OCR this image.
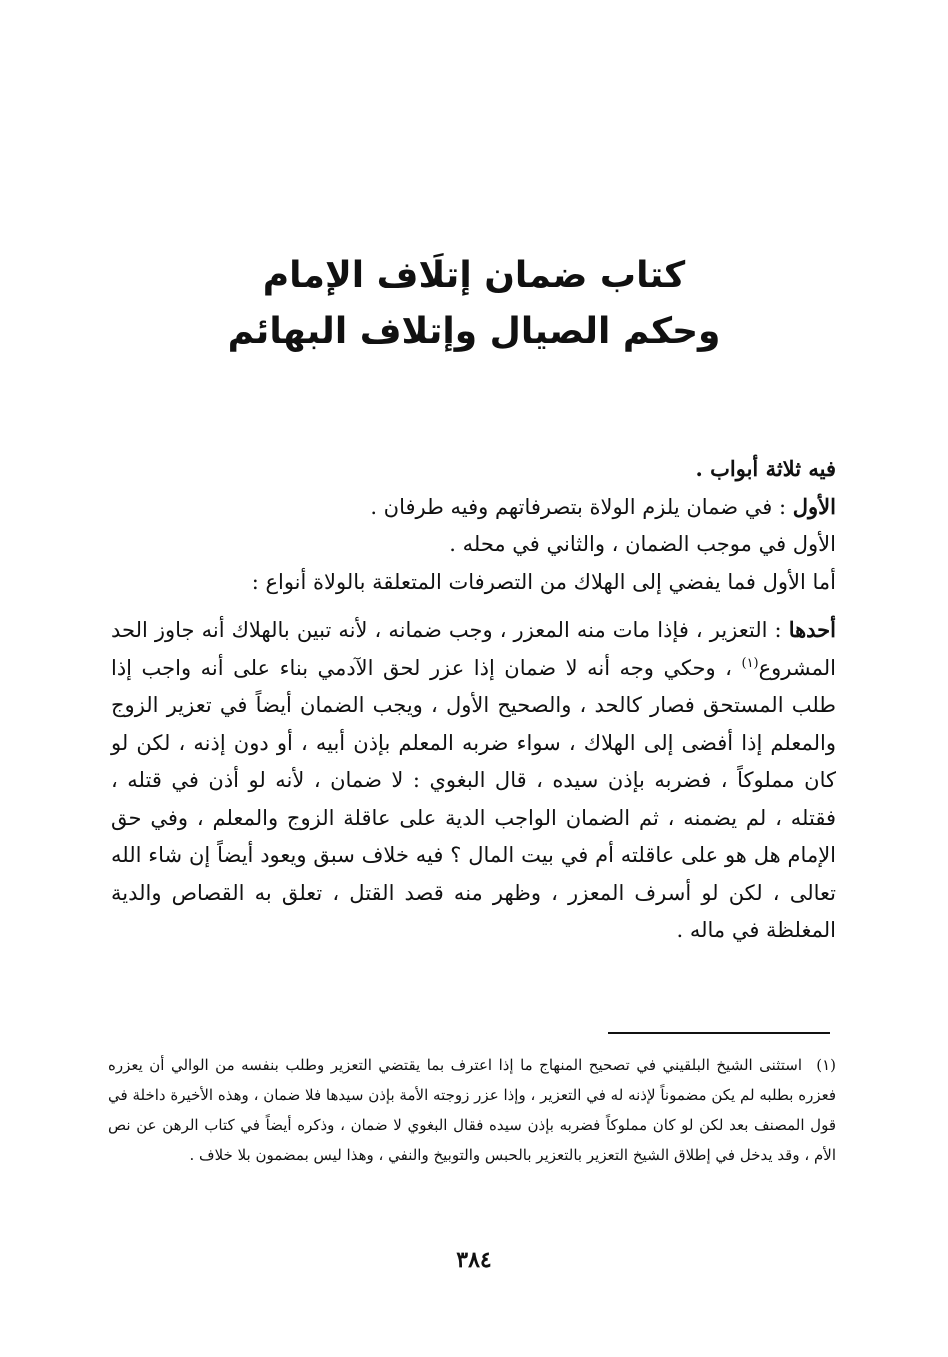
كتاب ضمان إتلَاف الإمام
وحكم الصيال وإتلاف البهائم

فيه ثلاثة أبواب .

الأول : في ضمان يلزم الولاة بتصرفاتهم وفيه طرفان .

الأول في موجب الضمان ، والثاني في محله .

أما الأول فما يفضي إلى الهلاك من التصرفات المتعلقة بالولاة أنواع :

أحدها : التعزير ، فإذا مات منه المعزر ، وجب ضمانه ، لأنه تبين بالهلاك أنه جاوز الحد المشروع$^{(١)}$ ، وحكي وجه أنه لا ضمان إذا عزر لحق الآدمي بناء على أنه واجب إذا طلب المستحق فصار كالحد ، والصحيح الأول ، ويجب الضمان أيضاً في تعزير الزوج والمعلم إذا أفضى إلى الهلاك ، سواء ضربه المعلم بإذن أبيه ، أو دون إذنه ، لكن لو كان مملوكاً ، فضربه بإذن سيده ، قال البغوي : لا ضمان ، لأنه لو أذن في قتله ، فقتله ، لم يضمنه ، ثم الضمان الواجب الدية على عاقلة الزوج والمعلم ، وفي حق الإمام هل هو على عاقلته أم في بيت المال ؟ فيه خلاف سبق ويعود أيضاً إن شاء الله تعالى ، لكن لو أسرف المعزر ، وظهر منه قصد القتل ، تعلق به القصاص والدية المغلظة في ماله .

(١)استثنى الشيخ البلقيني في تصحيح المنهاج ما إذا اعترف بما يقتضي التعزير وطلب بنفسه من الوالي أن يعزره فعزره بطلبه لم يكن مضموناً لإذنه له في التعزير ، وإذا عزر زوجته الأمة بإذن سيدها فلا ضمان ، وهذه الأخيرة داخلة في قول المصنف بعد لكن لو كان مملوكاً فضربه بإذن سيده فقال البغوي لا ضمان ، وذكره أيضاً في كتاب الرهن عن نص الأم ، وقد يدخل في إطلاق الشيخ التعزير بالتعزير بالحبس والتوبيخ والنفي ، وهذا ليس بمضمون بلا خلاف .
٣٨٤
